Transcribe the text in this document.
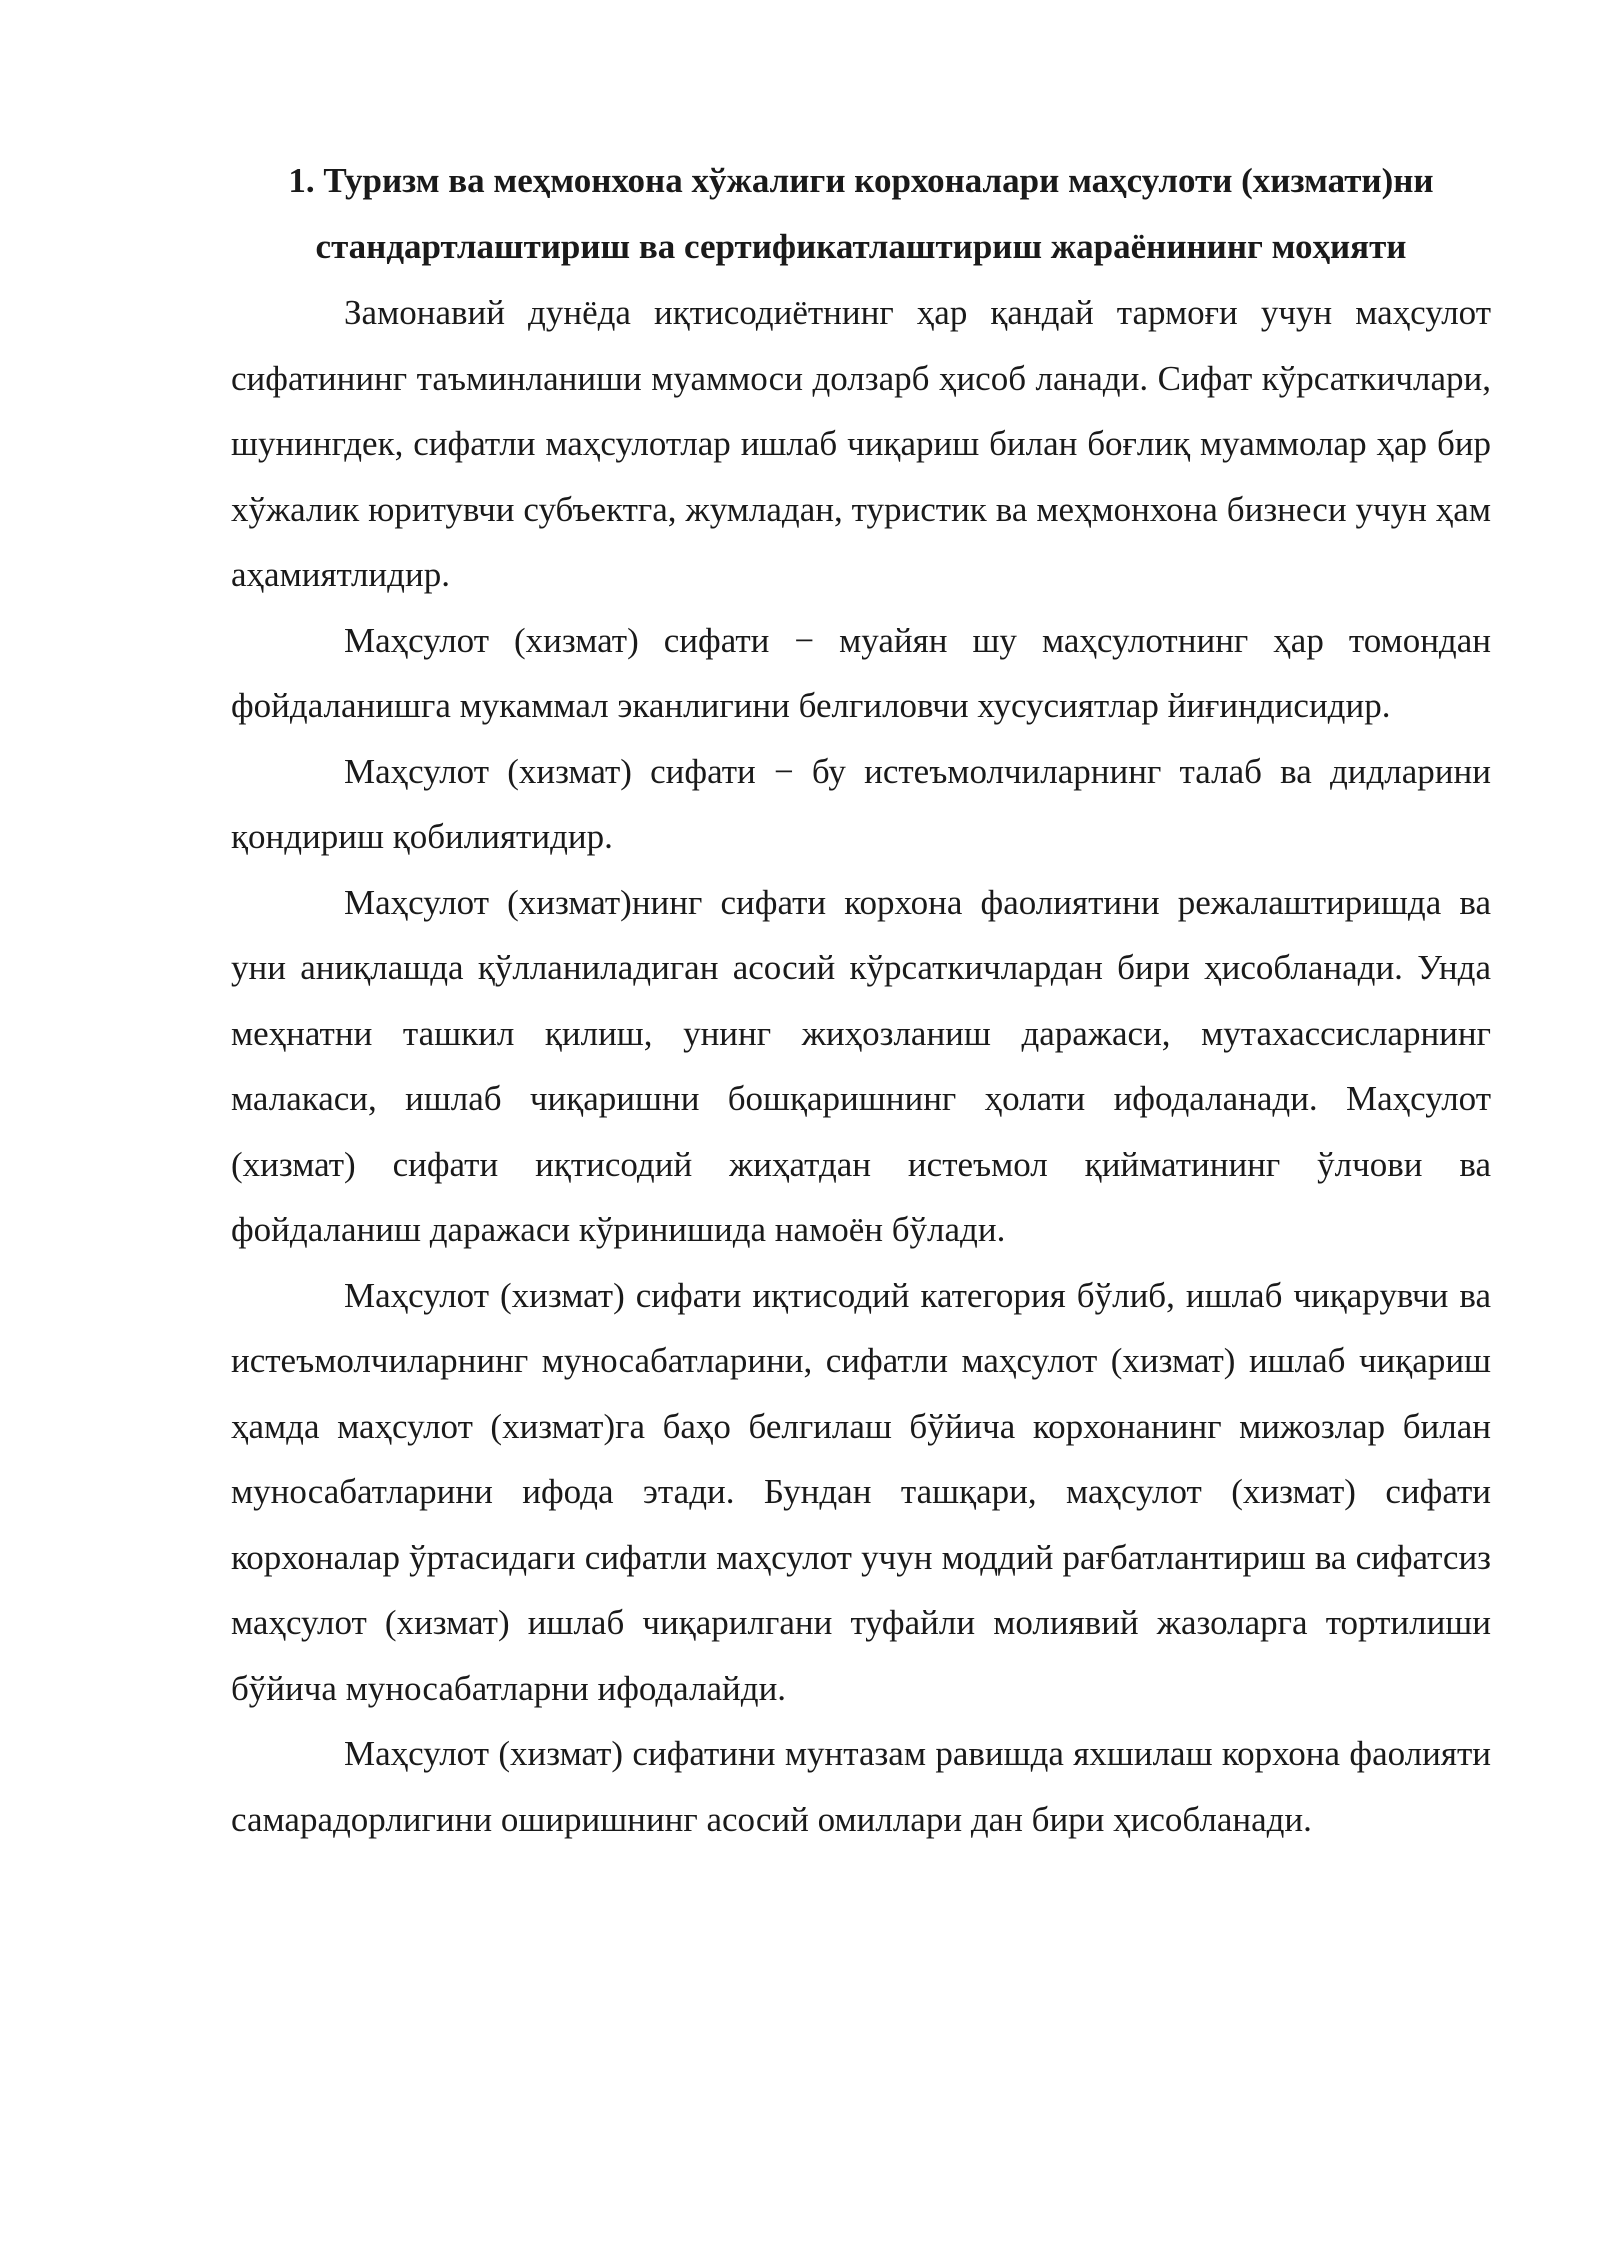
1. Туризм ва меҳмонхона хўжалиги корхоналари маҳсулоти (хизмати)ни стандартлаштириш ва сертификатлаштириш жараёнининг моҳияти

Замонавий дунёда иқтисодиётнинг ҳар қандай тармоғи учун маҳсулот сифатининг таъминланиши муаммоси долзарб ҳисоб ланади. Сифат кўрсаткичлари, шунингдек, сифатли маҳсулотлар ишлаб чиқариш билан боғлиқ муаммолар ҳар бир хўжалик юритувчи субъектга, жумладан, туристик ва меҳмонхона бизнеси учун ҳам аҳамиятлидир.

Маҳсулот (хизмат) сифати − муайян шу маҳсулотнинг ҳар томондан фойдаланишга мукаммал эканлигини белгиловчи хусусиятлар йиғиндисидир.

Маҳсулот (хизмат) сифати − бу истеъмолчиларнинг талаб ва дидларини қондириш қобилиятидир.

Маҳсулот (хизмат)нинг сифати корхона фаолиятини режалаштиришда ва уни аниқлашда қўлланиладиган асосий кўрсаткичлардан бири ҳисобланади. Унда меҳнатни ташкил қилиш, унинг жиҳозланиш даражаси, мутахассисларнинг малакаси, ишлаб чиқаришни бошқаришнинг ҳолати ифодаланади. Маҳсулот (хизмат) сифати иқтисодий жиҳатдан истеъмол қийматининг ўлчови ва фойдаланиш даражаси кўринишида намоён бўлади.

Маҳсулот (хизмат) сифати иқтисодий категория бўлиб, ишлаб чиқарувчи ва истеъмолчиларнинг муносабатларини, сифатли маҳсулот (хизмат) ишлаб чиқариш ҳамда маҳсулот (хизмат)га баҳо белгилаш бўйича корхонанинг мижозлар билан муносабатларини ифода этади. Бундан ташқари, маҳсулот (хизмат) сифати корхоналар ўртасидаги сифатли маҳсулот учун моддий рағбатлантириш ва сифатсиз маҳсулот (хизмат) ишлаб чиқарилгани туфайли молиявий жазоларга тортилиши бўйича муносабатларни ифодалайди.

Маҳсулот (хизмат) сифатини мунтазам равишда яхшилаш корхона фаолияти самарадорлигини оширишнинг асосий омиллари дан бири ҳисобланади.
